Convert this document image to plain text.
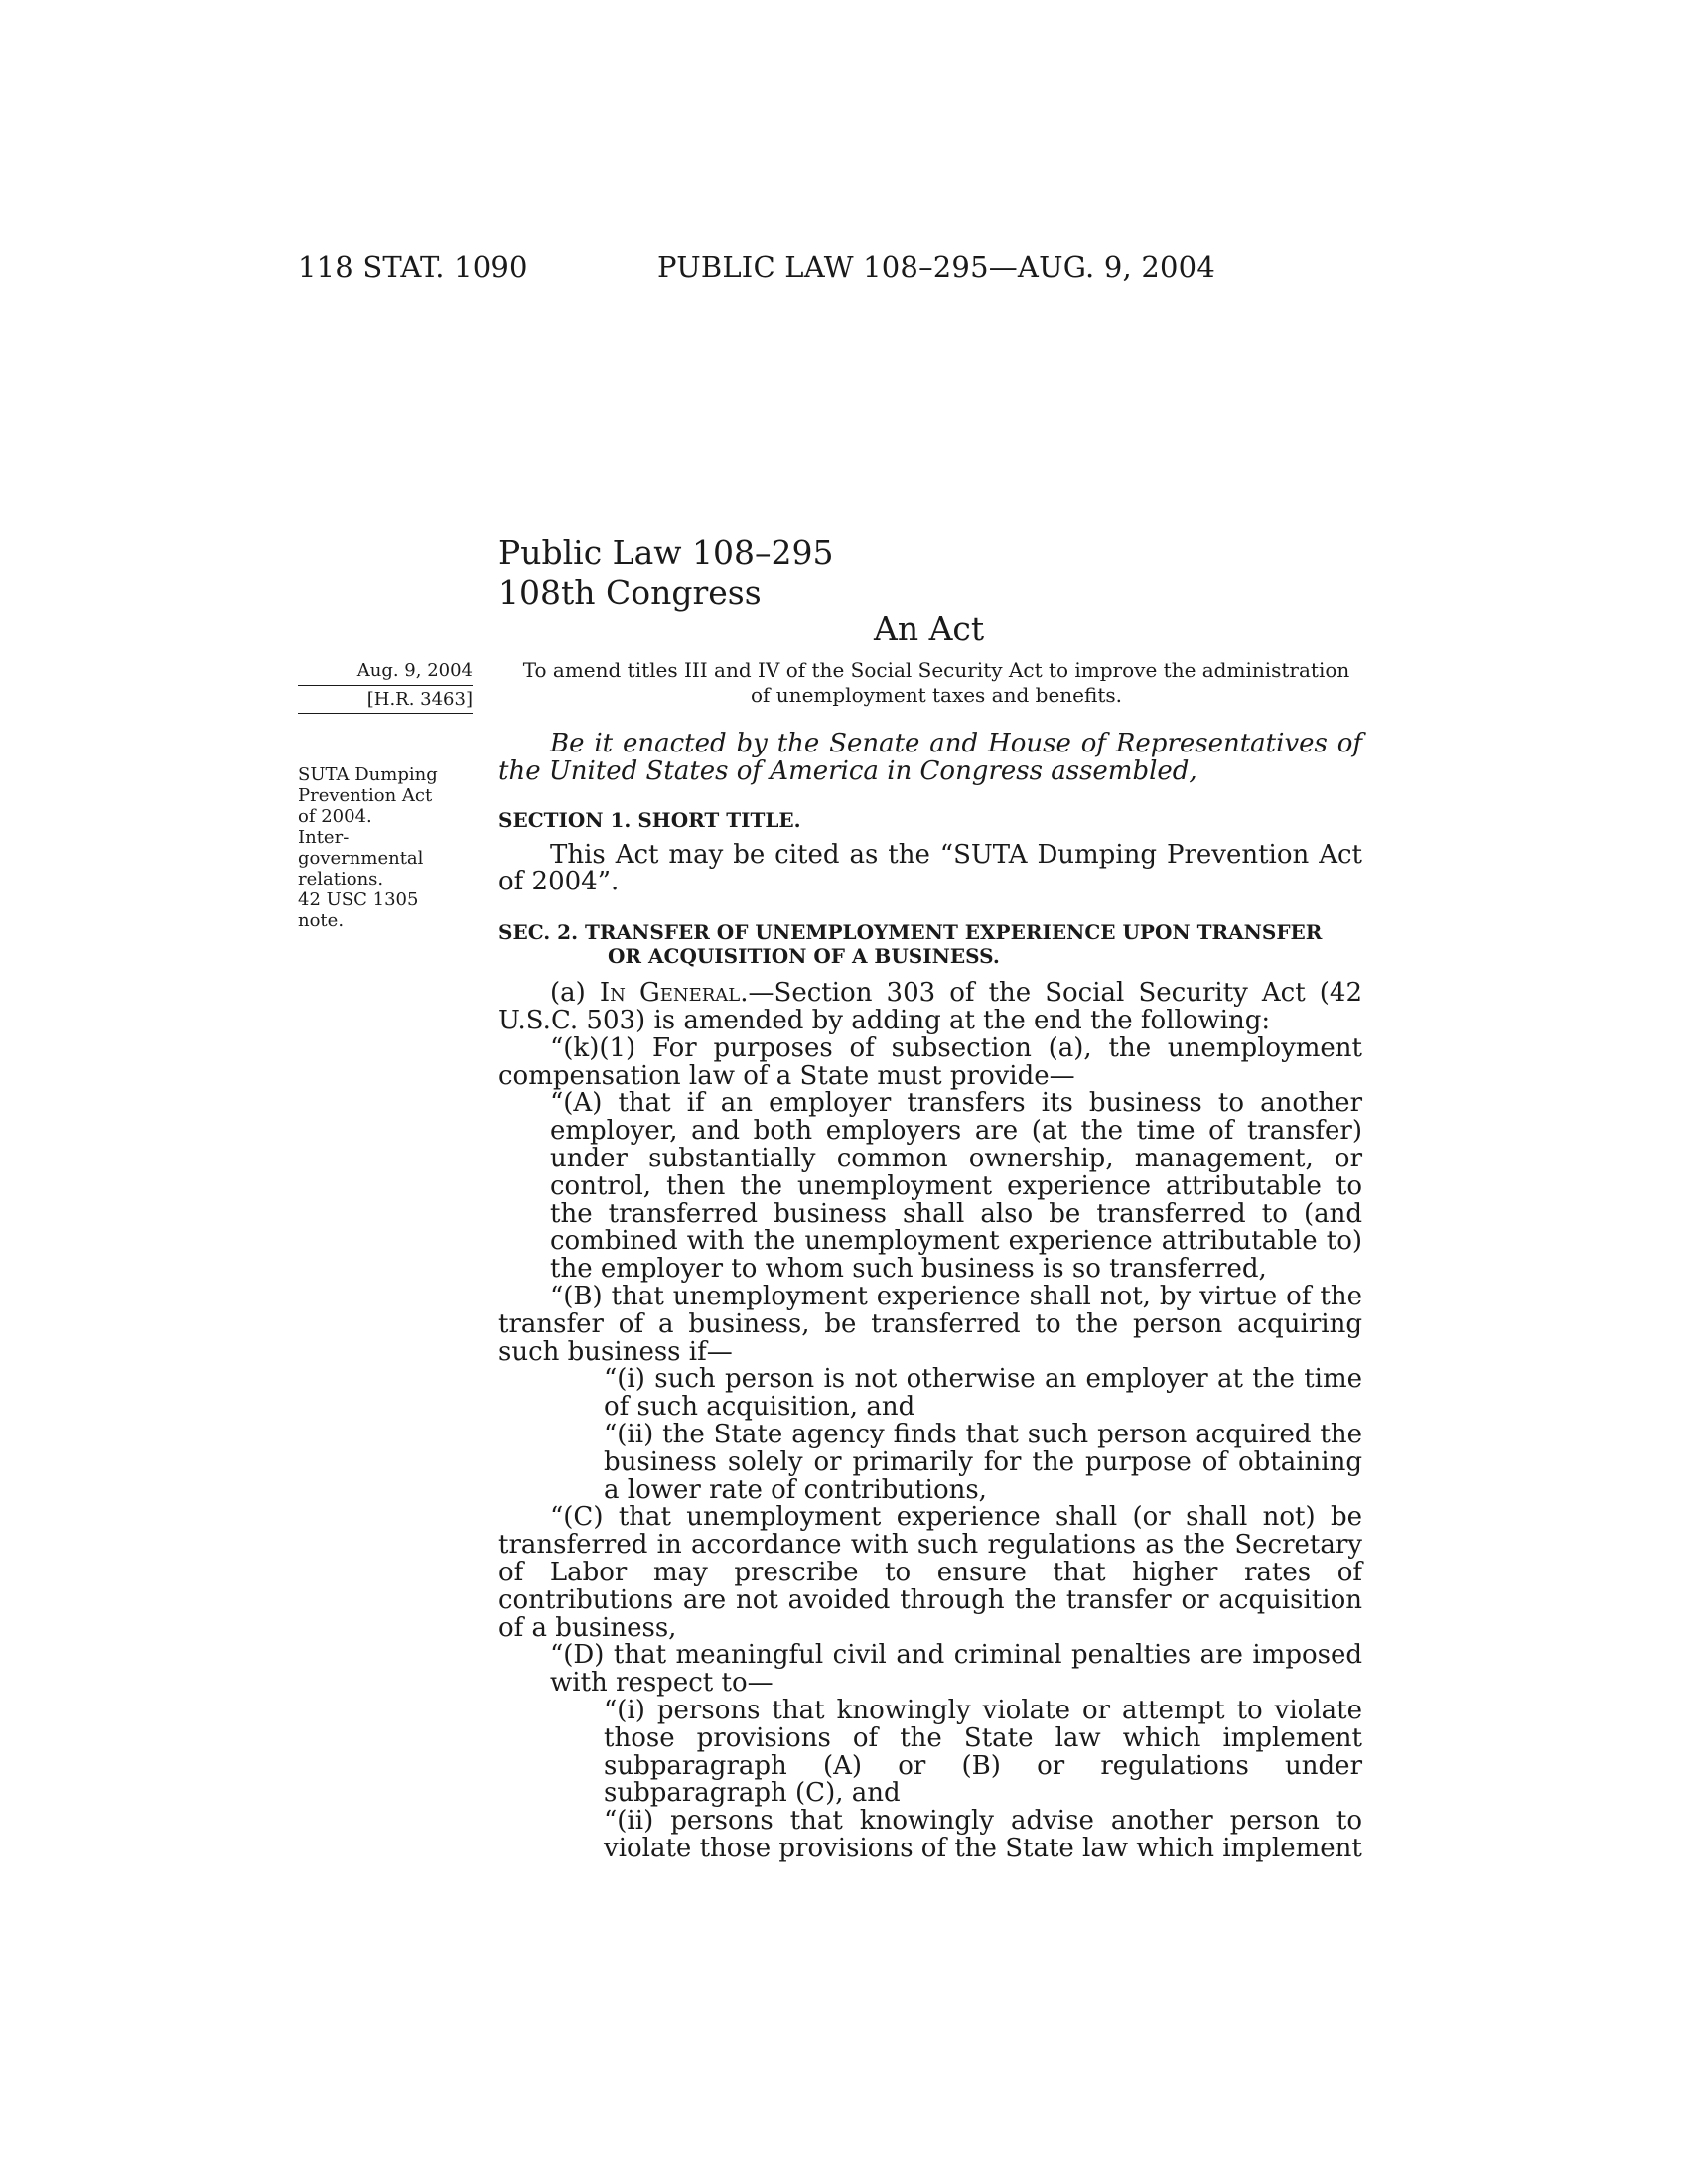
118 STAT. 1090	PUBLIC LAW 108–295—AUG. 9, 2004
Public Law 108–295
108th Congress
An Act
Aug. 9, 2004
[H.R. 3463]
SUTA Dumping
Prevention Act
of 2004.
Inter-
governmental
relations.
42 USC 1305
note.
To amend titles III and IV of the Social Security Act to improve the administration of unemployment taxes and benefits.

Be it enacted by the Senate and House of Representatives of the United States of America in Congress assembled,

SECTION 1. SHORT TITLE.

This Act may be cited as the “SUTA Dumping Prevention Act of 2004”.

SEC. 2. TRANSFER OF UNEMPLOYMENT EXPERIENCE UPON TRANSFER
OR ACQUISITION OF A BUSINESS.

(a) In General.—Section 303 of the Social Security Act (42 U.S.C. 503) is amended by adding at the end the following:

“(k)(1) For purposes of subsection (a), the unemployment compensation law of a State must provide—

“(A) that if an employer transfers its business to another employer, and both employers are (at the time of transfer) under substantially common ownership, management, or control, then the unemployment experience attributable to the transferred business shall also be transferred to (and combined with the unemployment experience attributable to) the employer to whom such business is so transferred,

“(B) that unemployment experience shall not, by virtue of the transfer of a business, be transferred to the person acquiring such business if—

“(i) such person is not otherwise an employer at the time of such acquisition, and

“(ii) the State agency finds that such person acquired the business solely or primarily for the purpose of obtaining a lower rate of contributions,

“(C) that unemployment experience shall (or shall not) be transferred in accordance with such regulations as the Secretary of Labor may prescribe to ensure that higher rates of contributions are not avoided through the transfer or acquisition of a business,

“(D) that meaningful civil and criminal penalties are imposed with respect to—

“(i) persons that knowingly violate or attempt to violate those provisions of the State law which implement subparagraph (A) or (B) or regulations under subparagraph (C), and

“(ii) persons that knowingly advise another person to violate those provisions of the State law which implement
